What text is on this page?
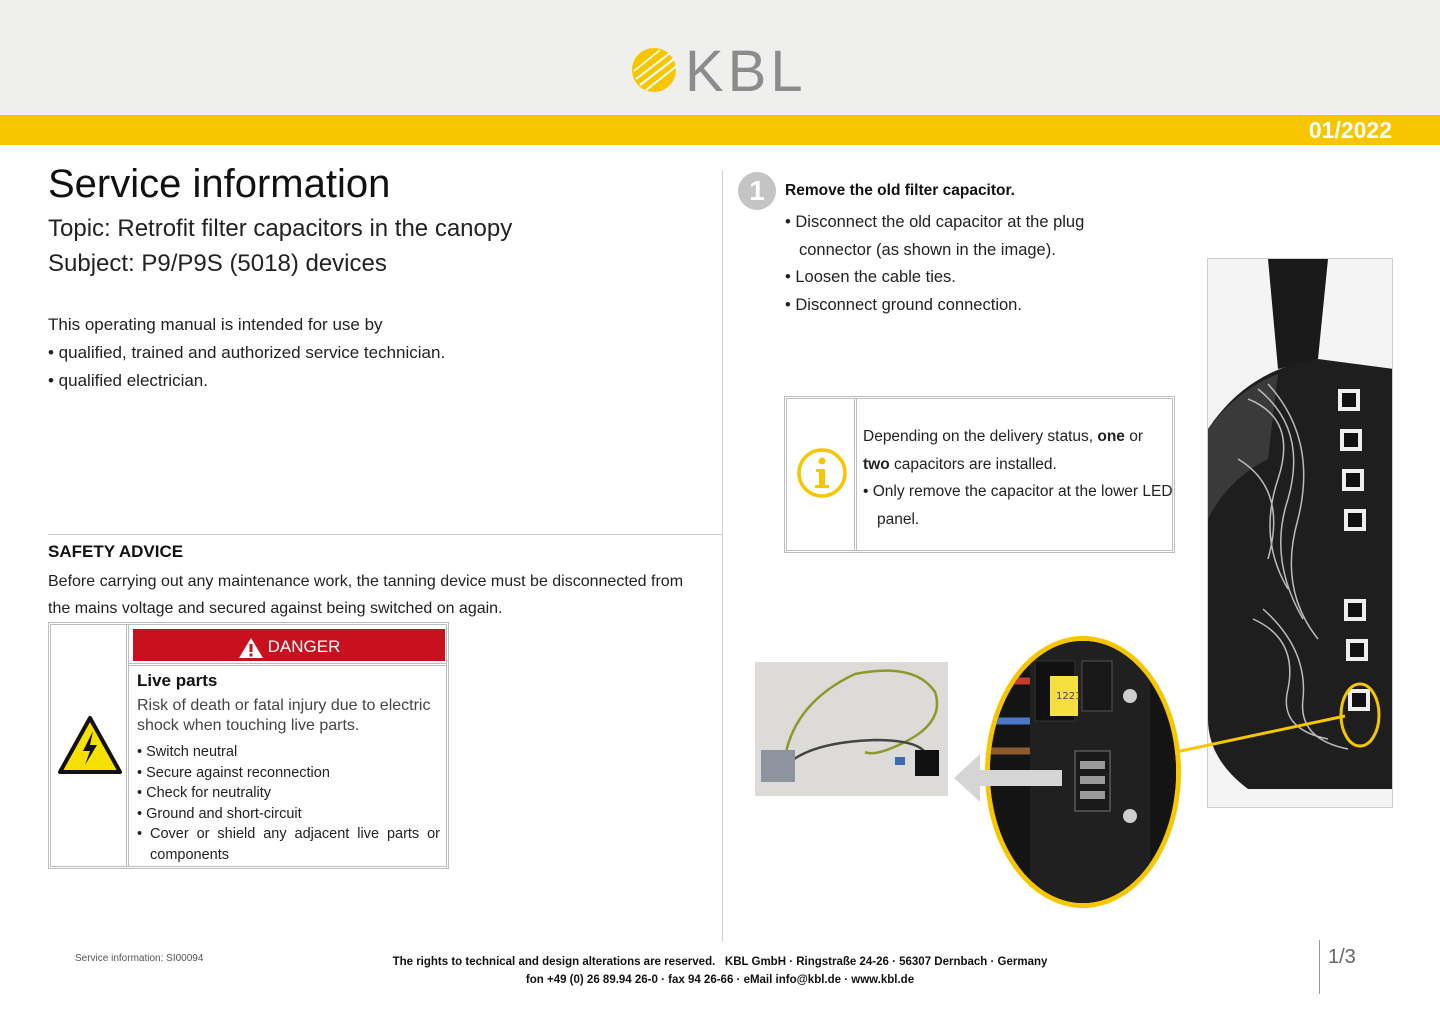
KBL
01/2022
Service information
Topic: Retrofit filter capacitors in the canopy
Subject: P9/P9S (5018) devices
This operating manual is intended for use by
• qualified, trained and authorized service technician.
• qualified electrician.
SAFETY ADVICE
Before carrying out any maintenance work, the tanning device must be disconnected from the mains voltage and secured against being switched on again.
DANGER
Live parts
Risk of death or fatal injury due to electric shock when touching live parts.
• Switch neutral
• Secure against reconnection
• Check for neutrality
• Ground and short-circuit
• Cover or shield any adjacent live parts or components
1	Remove the old filter capacitor.
• Disconnect the old capacitor at the plug connector (as shown in the image).
• Loosen the cable ties.
• Disconnect ground connection.
Depending on the delivery status, one or two capacitors are installed.
• Only remove the capacitor at the lower LED panel.
1221
Service information: SI00094	The rights to technical and design alterations are reserved.   KBL GmbH · Ringstraße 24-26 · 56307 Dernbach · Germany
fon +49 (0) 26 89.94 26-0 · fax 94 26-66 · eMail info@kbl.de · www.kbl.de
1/3
